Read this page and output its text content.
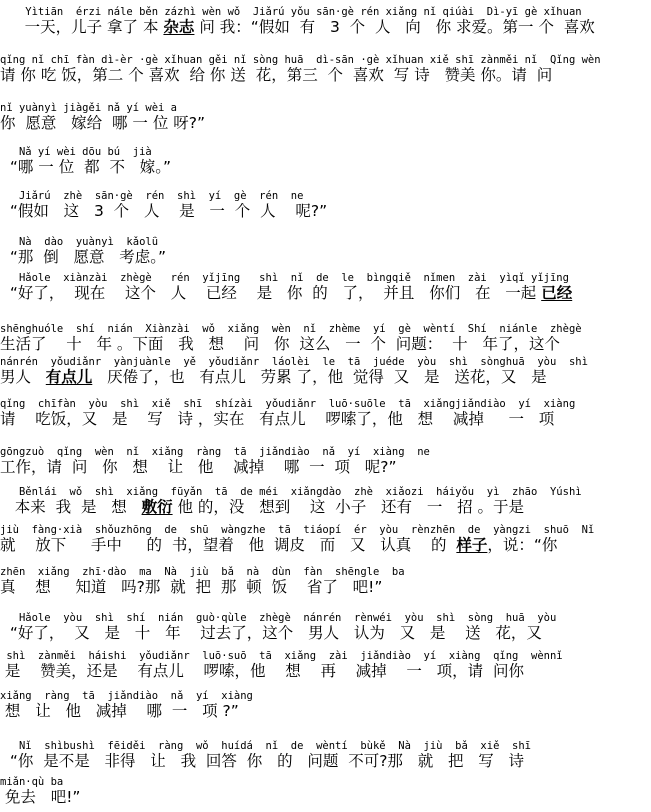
Yìtiān  érzi nále běn zázhì wèn wǒ  Jiǎrú yǒu sān·gè rén xiǎng nǐ qiúài  Dì-yī gè xǐhuan
一天，儿子 拿了 本 杂志 问 我：“假如  有   3  个  人   向   你 求爱。第一 个  喜欢
qǐng nǐ chī fàn dì-èr ·gè xǐhuan gěi nǐ sòng huā  dì-sān ·gè xǐhuan xiě shī zànměi nǐ  Qǐng wèn
请 你 吃 饭，第二 个 喜欢  给 你 送  花，第三  个  喜欢  写 诗   赞美 你。请  问
nǐ yuànyì jiàgěi nǎ yí wèi a
你  愿意   嫁给  哪 一 位 呀?”
Nǎ yí wèi dōu bú  jià
“哪 一 位  都  不   嫁。”
Jiǎrú  zhè  sān·gè  rén  shì  yí  gè  rén  ne
“假如   这   3  个   人    是   一  个  人    呢?”
Nà  dào  yuànyì  kǎolǜ
“那  倒   愿意   考虑。”
Hǎole  xiànzài  zhègè   rén  yǐjīng   shì  nǐ  de  le  bìngqiě  nǐmen  zài  yìqǐ yǐjīng
“好了，  现在    这个   人    已经    是   你  的   了，  并且   你们   在   一起 已经
shēnghuóle  shí  nián  Xiànzài  wǒ  xiǎng  wèn  nǐ  zhème  yí  gè  wèntí  Shí  niánle  zhègè
生活了    十   年 。下面   我   想    问   你  这么   一  个  问题：  十   年了，这个
nánrén  yǒudiǎnr  yànjuànle  yě  yǒudiǎnr  láolèi  le  tā  juéde  yòu  shì  sònghuā  yòu  shì
男人   有点儿   厌倦了，也   有点儿   劳累 了，他  觉得  又   是   送花，又   是
qǐng  chīfàn  yòu  shì  xiě  shī  shízài  yǒudiǎnr  luō·suōle  tā  xiǎngjiǎndiào  yí  xiàng
请    吃饭，又   是    写   诗 ，实在   有点儿    啰嗦了，他   想    减掉     一   项
gōngzuò  qǐng  wèn  nǐ  xiǎng  ràng  tā  jiǎndiào  nǎ  yí  xiàng  ne
工作，请  问   你   想    让   他    减掉    哪  一  项   呢?”
Běnlái  wǒ  shì  xiǎng  fūyǎn  tā  de méi  xiǎngdào  zhè  xiǎozi  háiyǒu  yì  zhāo  Yúshì
本来  我  是   想   敷衍 他 的，没   想到    这  小子   还有   一   招 。于是
jiù  fàng·xià  shǒuzhōng  de  shū  wàngzhe  tā  tiáopí  ér  yòu  rènzhēn  de  yàngzi  shuō  Nǐ
就    放下     手中     的  书，望着   他  调皮   而   又   认真    的  样子，说：“你
zhēn  xiǎng  zhī·dào  ma  Nà  jiù  bǎ  nà  dùn  fàn  shēngle  ba
真    想     知道   吗?那  就  把  那  顿  饭    省了   吧!”
Hǎole  yòu  shì  shí  nián  guò·qùle  zhègè  nánrén  rènwéi  yòu  shì  sòng  huā  yòu
“好了，  又   是   十   年    过去了，这个   男人   认为   又   是    送   花，又
shì  zànměi  háishi  yǒudiǎnr  luō·suō  tā  xiǎng  zài  jiǎndiào  yí  xiàng  qǐng  wènnǐ
是    赞美，还是    有点儿    啰嗦，他    想    再    减掉    一   项，请  问你
xiǎng  ràng  tā  jiǎndiào  nǎ  yí  xiàng
想   让   他   减掉    哪  一   项 ?”
Nǐ  shìbushì  fēiděi  ràng  wǒ  huídá  nǐ  de  wèntí  bùkě  Nà  jiù  bǎ  xiě  shī
“你  是不是   非得   让   我  回答  你   的   问题  不可?那   就   把   写   诗
miǎn·qù ba
免去   吧!”
